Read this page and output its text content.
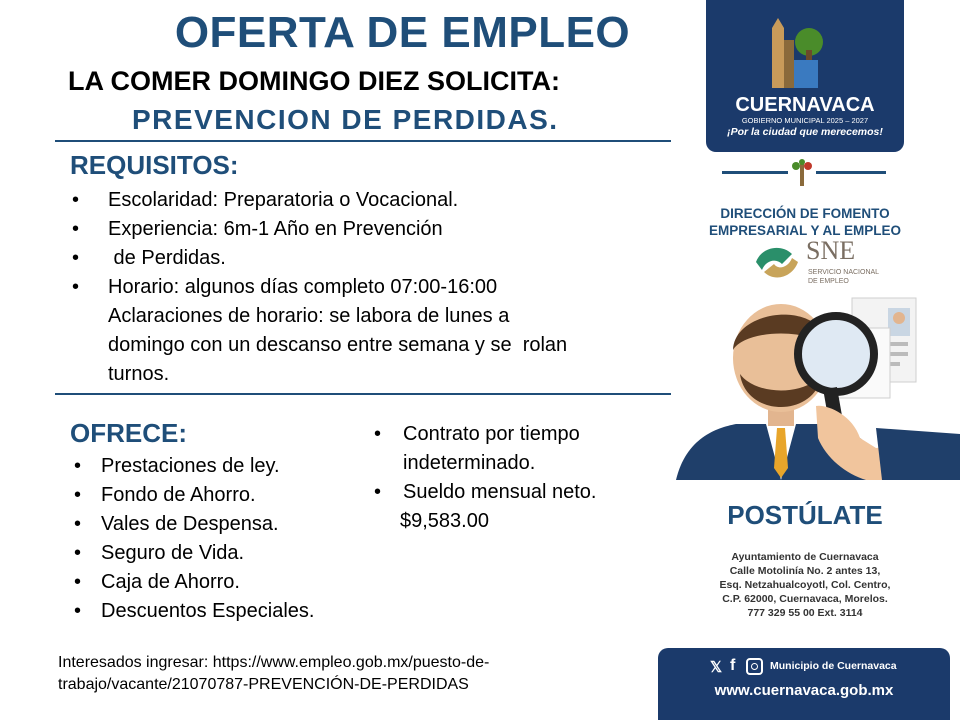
OFERTA DE EMPLEO
LA COMER DOMINGO DIEZ SOLICITA:
PREVENCION DE PERDIDAS.
REQUISITOS:
• Escolaridad: Preparatoria o Vocacional.
• Experiencia: 6m-1 Año en Prevención
• de Perdidas.
• Horario: algunos días completo 07:00-16:00
Aclaraciones de horario: se labora de lunes a
domingo con un descanso entre semana y se  rolan
turnos.
OFRECE:
• Prestaciones de ley.
• Fondo de Ahorro.
• Vales de Despensa.
• Seguro de Vida.
• Caja de Ahorro.
• Descuentos Especiales.
• Contrato por tiempo
indeterminado.
• Sueldo mensual neto.
$9,583.00
Interesados ingresar: https://www.empleo.gob.mx/puesto-de-
trabajo/vacante/21070787-PREVENCIÓN-DE-PERDIDAS
CUERNAVACA
GOBIERNO MUNICIPAL 2025 – 2027
¡Por la ciudad que merecemos!
DIRECCIÓN DE FOMENTO
EMPRESARIAL Y AL EMPLEO
SNE
SERVICIO NACIONAL
DE EMPLEO
POSTÚLATE
Ayuntamiento de Cuernavaca
Calle Motolinía No. 2 antes 13,
Esq. Netzahualcoyotl, Col. Centro,
C.P. 62000, Cuernavaca, Morelos.
777 329 55 00 Ext. 3114
𝕏 f	Municipio de Cuernavaca
www.cuernavaca.gob.mx
